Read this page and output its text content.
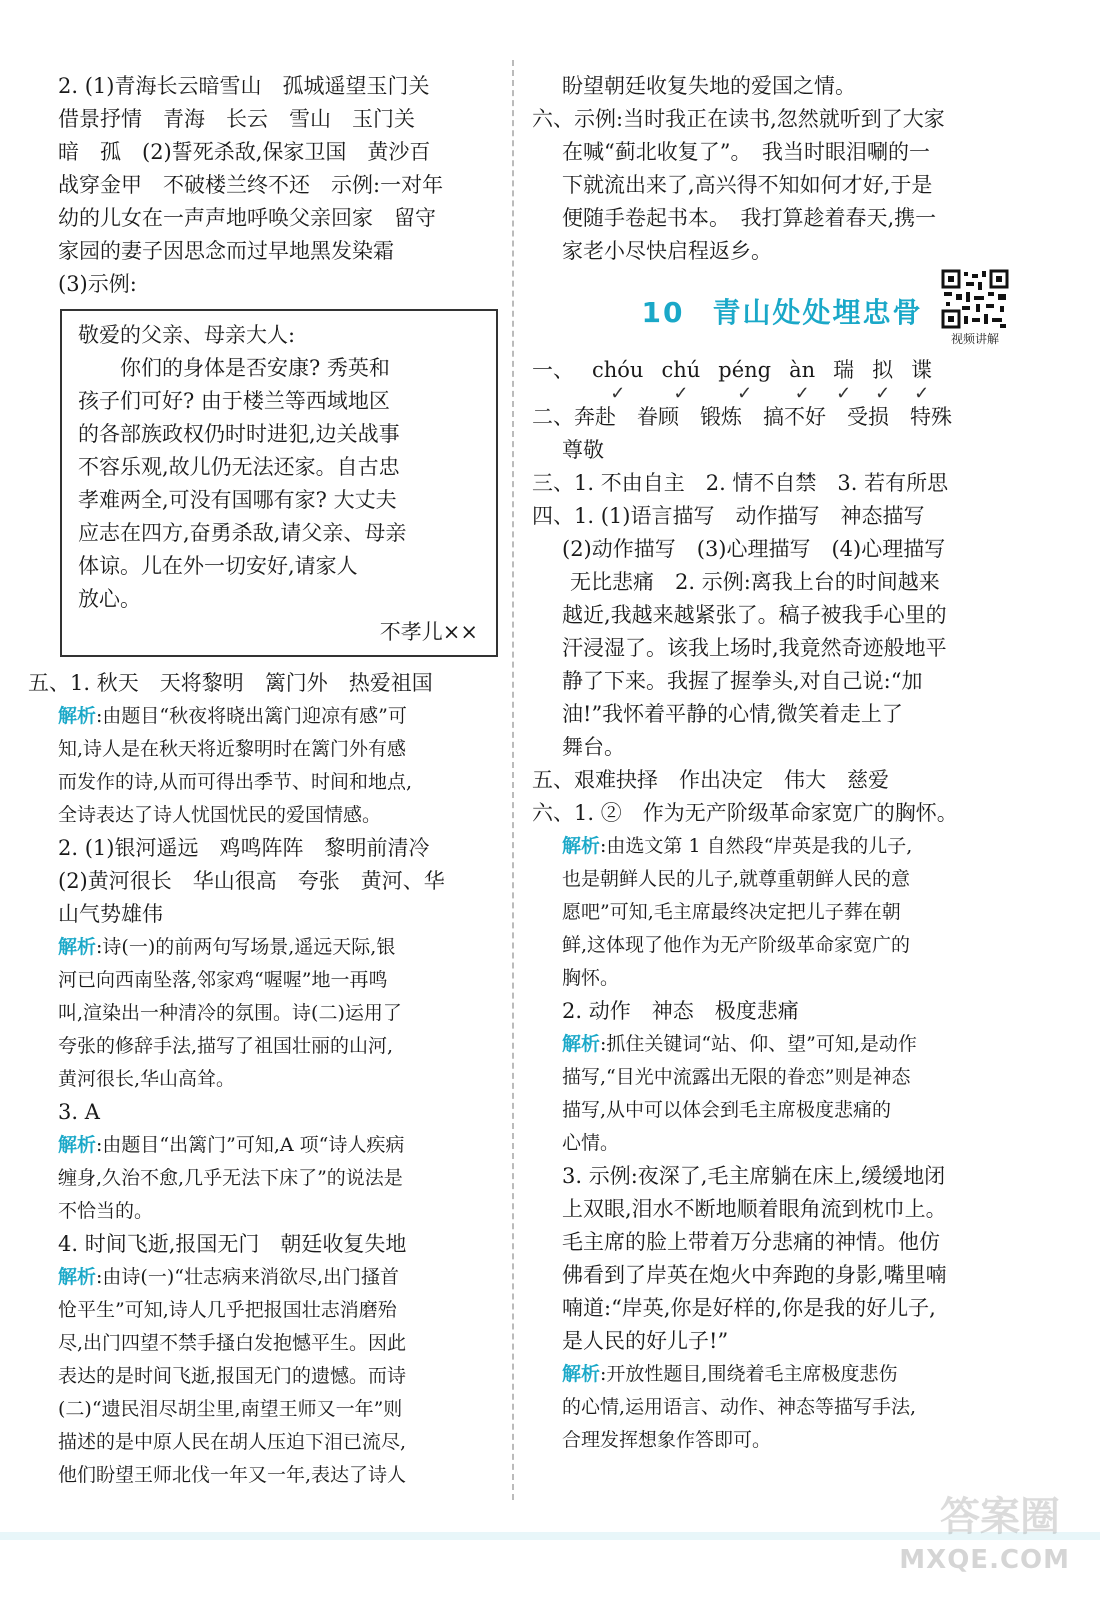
2. (1)青海长云暗雪山　孤城遥望玉门关

借景抒情　青海　长云　雪山　玉门关

暗　孤　(2)誓死杀敌,保家卫国　黄沙百

战穿金甲　不破楼兰终不还　示例:一对年

幼的儿女在一声声地呼唤父亲回家　留守

家园的妻子因思念而过早地黑发染霜

(3)示例:

敬爱的父亲、母亲大人:

　　你们的身体是否安康? 秀英和

孩子们可好? 由于楼兰等西域地区

的各部族政权仍时时进犯,边关战事

不容乐观,故儿仍无法还家。自古忠

孝难两全,可没有国哪有家? 大丈夫

应志在四方,奋勇杀敌,请父亲、母亲

体谅。儿在外一切安好,请家人

放心。

不孝儿××

五、1. 秋天　天将黎明　篱门外　热爱祖国

解析:由题目“秋夜将晓出篱门迎凉有感”可

知,诗人是在秋天将近黎明时在篱门外有感

而发作的诗,从而可得出季节、时间和地点,

全诗表达了诗人忧国忧民的爱国情感。

2. (1)银河遥远　鸡鸣阵阵　黎明前清冷

(2)黄河很长　华山很高　夸张　黄河、华

山气势雄伟

解析:诗(一)的前两句写场景,遥远天际,银

河已向西南坠落,邻家鸡“喔喔”地一再鸣

叫,渲染出一种清冷的氛围。诗(二)运用了

夸张的修辞手法,描写了祖国壮丽的山河,

黄河很长,华山高耸。

3. A

解析:由题目“出篱门”可知,A 项“诗人疾病

缠身,久治不愈,几乎无法下床了”的说法是

不恰当的。

4. 时间飞逝,报国无门　朝廷收复失地

解析:由诗(一)“壮志病来消欲尽,出门搔首

怆平生”可知,诗人几乎把报国壮志消磨殆

尽,出门四望不禁手搔白发抱憾平生。因此

表达的是时间飞逝,报国无门的遗憾。而诗

(二)“遗民泪尽胡尘里,南望王师又一年”则

描述的是中原人民在胡人压迫下泪已流尽,

他们盼望王师北伐一年又一年,表达了诗人

盼望朝廷收复失地的爱国之情。

六、示例:当时我正在读书,忽然就听到了大家

在喊“蓟北收复了”。　我当时眼泪唰的一

下就流出来了,高兴得不知如何才好,于是

便随手卷起书本。　我打算趁着春天,携一

家老小尽快启程返乡。

10 青山处处埋忠骨
视频讲解
一、 chóu
✓
chú
✓
péng
✓
àn
✓
瑞
✓
拟
✓
谍
✓

二、奔赴　眷顾　锻炼　搞不好　受损　特殊

尊敬

三、1. 不由自主　2. 情不自禁　3. 若有所思

四、1. (1)语言描写　动作描写　神态描写

(2)动作描写　(3)心理描写　(4)心理描写

无比悲痛　2. 示例:离我上台的时间越来

越近,我越来越紧张了。稿子被我手心里的

汗浸湿了。该我上场时,我竟然奇迹般地平

静了下来。我握了握拳头,对自己说:“加

油!”我怀着平静的心情,微笑着走上了

舞台。

五、艰难抉择　作出决定　伟大　慈爱

六、1. ②　作为无产阶级革命家宽广的胸怀。

解析:由选文第 1 自然段“岸英是我的儿子,

也是朝鲜人民的儿子,就尊重朝鲜人民的意

愿吧”可知,毛主席最终决定把儿子葬在朝

鲜,这体现了他作为无产阶级革命家宽广的

胸怀。

2. 动作　神态　极度悲痛

解析:抓住关键词“站、仰、望”可知,是动作

描写,“目光中流露出无限的眷恋”则是神态

描写,从中可以体会到毛主席极度悲痛的

心情。

3. 示例:夜深了,毛主席躺在床上,缓缓地闭

上双眼,泪水不断地顺着眼角流到枕巾上。

毛主席的脸上带着万分悲痛的神情。他仿

佛看到了岸英在炮火中奔跑的身影,嘴里喃

喃道:“岸英,你是好样的,你是我的好儿子,

是人民的好儿子!”

解析:开放性题目,围绕着毛主席极度悲伤

的心情,运用语言、动作、神态等描写手法,

合理发挥想象作答即可。

答案圈
MXQE.COM
